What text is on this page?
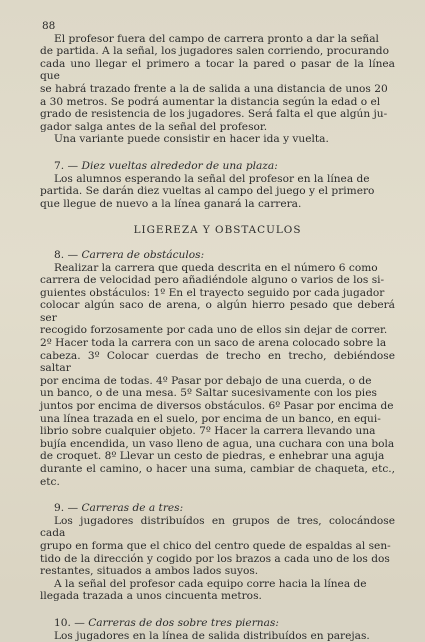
88
El profesor fuera del campo de carrera pronto a dar la señal
de partida. A la señal, los jugadores salen corriendo, procurando
cada uno llegar el primero a tocar la pared o pasar de la línea que
se habrá trazado frente a la de salida a una distancia de unos 20
a 30 metros. Se podrá aumentar la distancia según la edad o el
grado de resistencia de los jugadores. Será falta el que algún ju-
gador salga antes de la señal del profesor.
Una variante puede consistir en hacer ida y vuelta.
7. — Diez vueltas alrededor de una plaza:
Los alumnos esperando la señal del profesor en la línea de
partida. Se darán diez vueltas al campo del juego y el primero
que llegue de nuevo a la línea ganará la carrera.
LIGEREZA Y OBSTACULOS
8. — Carrera de obstáculos:
Realizar la carrera que queda descrita en el número 6 como
carrera de velocidad pero añadiéndole alguno o varios de los si-
guientes obstáculos: 1º En el trayecto seguido por cada jugador
colocar algún saco de arena, o algún hierro pesado que deberá ser
recogido forzosamente por cada uno de ellos sin dejar de correr.
2º Hacer toda la carrera con un saco de arena colocado sobre la
cabeza. 3º Colocar cuerdas de trecho en trecho, debiéndose saltar
por encima de todas. 4º Pasar por debajo de una cuerda, o de
un banco, o de una mesa. 5º Saltar sucesivamente con los pies
juntos por encima de diversos obstáculos. 6º Pasar por encima de
una línea trazada en el suelo, por encima de un banco, en equi-
librio sobre cualquier objeto. 7º Hacer la carrera llevando una
bujía encendida, un vaso lleno de agua, una cuchara con una bola
de croquet. 8º Llevar un cesto de piedras, e enhebrar una aguja
durante el camino, o hacer una suma, cambiar de chaqueta, etc., etc.
9. — Carreras de a tres:
Los jugadores distribuídos en grupos de tres, colocándose cada
grupo en forma que el chico del centro quede de espaldas al sen-
tido de la dirección y cogido por los brazos a cada uno de los dos
restantes, situados a ambos lados suyos.
A la señal del profesor cada equipo corre hacia la línea de
llegada trazada a unos cincuenta metros.
10. — Carreras de dos sobre tres piernas:
Los jugadores en la línea de salida distribuídos en parejas.
